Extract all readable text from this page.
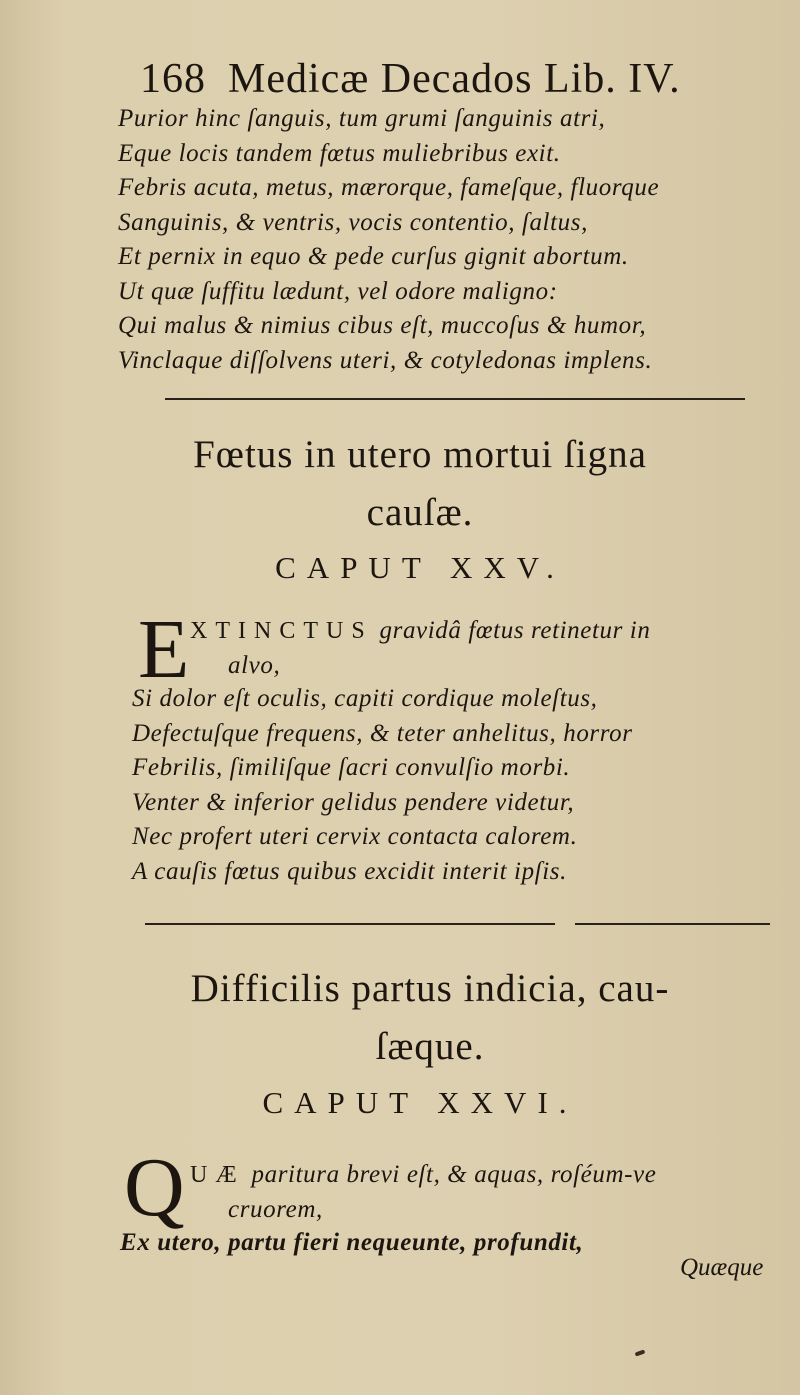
168 Medicæ Decados Lib. IV.
Purior hinc ſanguis, tum grumi ſanguinis atri,
Eque locis tandem fœtus muliebribus exit.
Febris acuta, metus, mærorque, fameſque, fluorque
Sanguinis, & ventris, vocis contentio, ſaltus,
Et pernix in equo & pede curſus gignit abortum.
Ut quæ ſuffitu lædunt, vel odore maligno:
Qui malus & nimius cibus eſt, muccoſus & humor,
Vinclaque diſſolvens uteri, & cotyledonas implens.
Fœtus in utero mortui ſigna
cauſæ.
CAPUT XXV.
E XTINCTUS gravidâ fœtus retinetur in
alvo,
Si dolor eſt oculis, capiti cordique moleſtus,
Defectuſque frequens, & teter anhelitus, horror
Febrilis, ſimiliſque ſacri convulſio morbi.
Venter & inferior gelidus pendere videtur,
Nec profert uteri cervix contacta calorem.
A cauſis fœtus quibus excidit interit ipſis.
Difficilis partus indicia, cau-
ſæque.
CAPUT XXVI.
Q UÆ paritura brevi eſt, & aquas, roſéum-ve
cruorem,
Ex utero, partu fieri nequeunte, profundit,
Quæque
